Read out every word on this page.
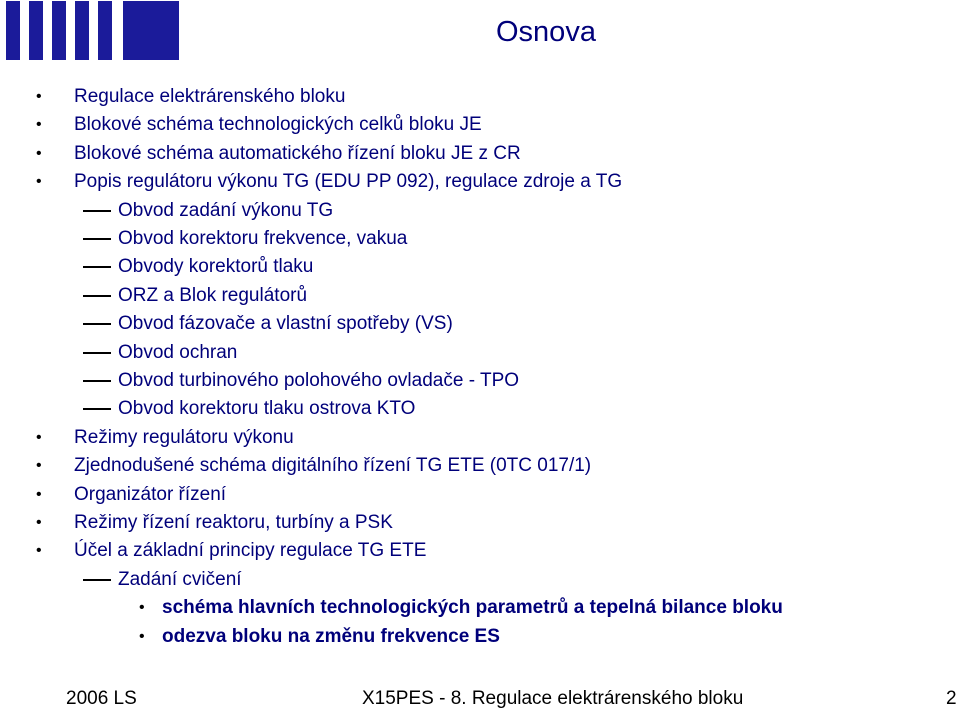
Osnova
• Regulace elektrárenského bloku
• Blokové schéma technologických celků bloku JE
• Blokové schéma automatického řízení bloku JE z CR
• Popis regulátoru výkonu TG (EDU PP 092), regulace zdroje a TG
Obvod zadání výkonu TG
Obvod korektoru frekvence, vakua
Obvody korektorů tlaku
ORZ a Blok regulátorů
Obvod fázovače a vlastní spotřeby (VS)
Obvod ochran
Obvod turbinového polohového ovladače - TPO
Obvod korektoru tlaku ostrova KTO
• Režimy regulátoru výkonu
• Zjednodušené schéma digitálního řízení TG ETE (0TC 017/1)
• Organizátor řízení
• Režimy řízení reaktoru, turbíny a PSK
• Účel a základní principy regulace TG ETE
Zadání cvičení
• schéma hlavních technologických parametrů a tepelná bilance bloku
• odezva bloku na změnu frekvence ES
2006 LS	X15PES - 8. Regulace elektrárenského bloku	2
